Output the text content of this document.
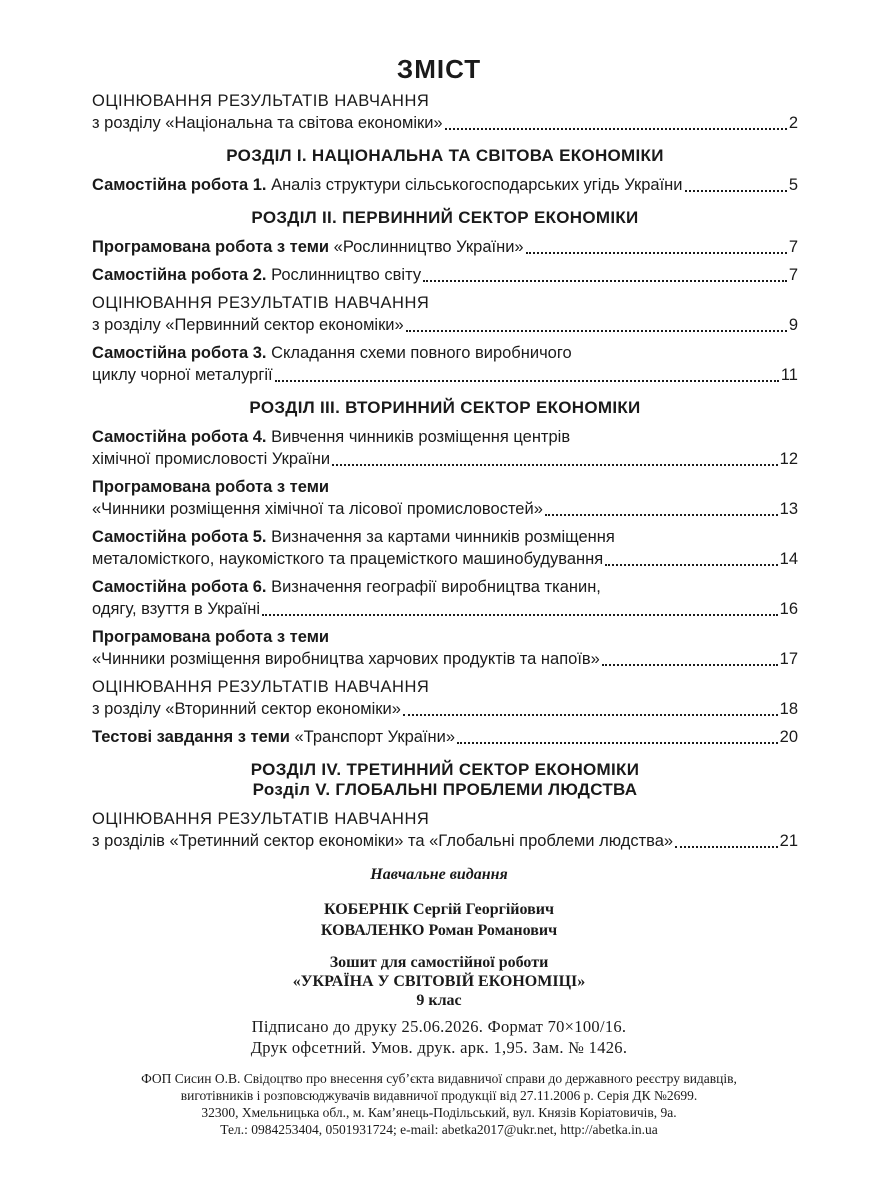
ЗМІСТ
ОЦІНЮВАННЯ РЕЗУЛЬТАТІВ НАВЧАННЯ
з розділу «Національна та світова економіки»	2
РОЗДІЛ І. НАЦІОНАЛЬНА ТА СВІТОВА ЕКОНОМІКИ
Самостійна робота 1. Аналіз структури сільськогосподарських угідь України	5
РОЗДІЛ ІІ. ПЕРВИННИЙ СЕКТОР ЕКОНОМІКИ
Програмована робота з теми «Рослинництво України»	7
Самостійна робота 2. Рослинництво світу	7
ОЦІНЮВАННЯ РЕЗУЛЬТАТІВ НАВЧАННЯ
з розділу «Первинний сектор економіки»	9
Самостійна робота 3. Складання схеми повного виробничого
циклу чорної металургії	11
РОЗДІЛ ІІІ. ВТОРИННИЙ СЕКТОР ЕКОНОМІКИ
Самостійна робота 4. Вивчення чинників розміщення центрів
хімічної промисловості України	12
Програмована робота з теми
«Чинники розміщення хімічної та лісової промисловостей»	13
Самостійна робота 5. Визначення за картами чинників розміщення
металомісткого, наукомісткого та працемісткого машинобудування	14
Самостійна робота 6. Визначення географії виробництва тканин,
одягу, взуття в Україні	16
Програмована робота з теми
«Чинники розміщення виробництва харчових продуктів та напоїв»	17
ОЦІНЮВАННЯ РЕЗУЛЬТАТІВ НАВЧАННЯ
з розділу «Вторинний сектор економіки»	18
Тестові завдання з теми «Транспорт України»	20
РОЗДІЛ IV. ТРЕТИННИЙ СЕКТОР ЕКОНОМІКИ
Розділ V. ГЛОБАЛЬНІ ПРОБЛЕМИ ЛЮДСТВА
ОЦІНЮВАННЯ РЕЗУЛЬТАТІВ НАВЧАННЯ
з розділів «Третинний сектор економіки» та «Глобальні проблеми людства»	21
Навчальне видання
КОБЕРНІК Сергій Георгійович
КОВАЛЕНКО Роман Романович
Зошит для самостійної роботи
«УКРАЇНА У СВІТОВІЙ ЕКОНОМІЦІ»
9 клас
Підписано до друку 25.06.2026. Формат 70×100/16.
Друк офсетний. Умов. друк. арк. 1,95. Зам. № 1426.
ФОП Сисин О.В. Свідоцтво про внесення суб’єкта видавничої справи до державного реєстру видавців,
виготівників і розповсюджувачів видавничої продукції від 27.11.2006 р. Серія ДК №2699.
32300, Хмельницька обл., м. Кам’янець-Подільський, вул. Князів Коріатовичів, 9а.
Тел.: 0984253404, 0501931724; e-mail: abetka2017@ukr.net, http://abetka.in.ua
